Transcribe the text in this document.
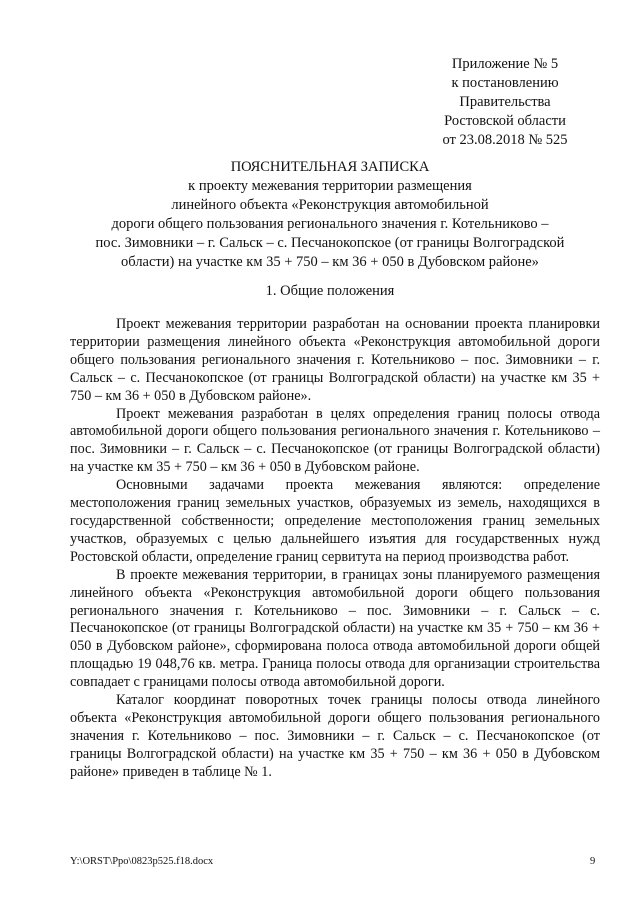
Приложение № 5
к постановлению
Правительства
Ростовской области
от 23.08.2018 № 525
ПОЯСНИТЕЛЬНАЯ ЗАПИСКА
к проекту межевания территории размещения
линейного объекта «Реконструкция автомобильной
дороги общего пользования регионального значения г. Котельниково –
пос. Зимовники – г. Сальск – с. Песчанокопское (от границы Волгоградской
области) на участке км 35 + 750 – км 36 + 050 в Дубовском районе»
1. Общие положения

Проект межевания территории разработан на основании проекта планировки территории размещения линейного объекта «Реконструкция автомобильной дороги общего пользования регионального значения г. Котельниково – пос. Зимовники – г. Сальск – с. Песчанокопское (от границы Волгоградской области) на участке км 35 + 750 – км 36 + 050 в Дубовском районе».

Проект межевания разработан в целях определения границ полосы отвода автомобильной дороги общего пользования регионального значения г. Котельниково – пос. Зимовники – г. Сальск – с. Песчанокопское (от границы Волгоградской области) на участке км 35 + 750 – км 36 + 050 в Дубовском районе.

Основными задачами проекта межевания являются: определение местоположения границ земельных участков, образуемых из земель, находящихся в государственной собственности; определение местоположения границ земельных участков, образуемых с целью дальнейшего изъятия для государственных нужд Ростовской области, определение границ сервитута на период производства работ.

В проекте межевания территории, в границах зоны планируемого размещения линейного объекта «Реконструкция автомобильной дороги общего пользования регионального значения г. Котельниково – пос. Зимовники – г. Сальск – с. Песчанокопское (от границы Волгоградской области) на участке км 35 + 750 – км 36 + 050 в Дубовском районе», сформирована полоса отвода автомобильной дороги общей площадью 19 048,76 кв. метра. Граница полосы отвода для организации строительства совпадает с границами полосы отвода автомобильной дороги.

Каталог координат поворотных точек границы полосы отвода линейного объекта «Реконструкция автомобильной дороги общего пользования регионального значения г. Котельниково – пос. Зимовники – г. Сальск – с. Песчанокопское (от границы Волгоградской области) на участке км 35 + 750 – км 36 + 050 в Дубовском районе» приведен в таблице № 1.

Y:\ORST\Ppo\0823p525.f18.docx	9
